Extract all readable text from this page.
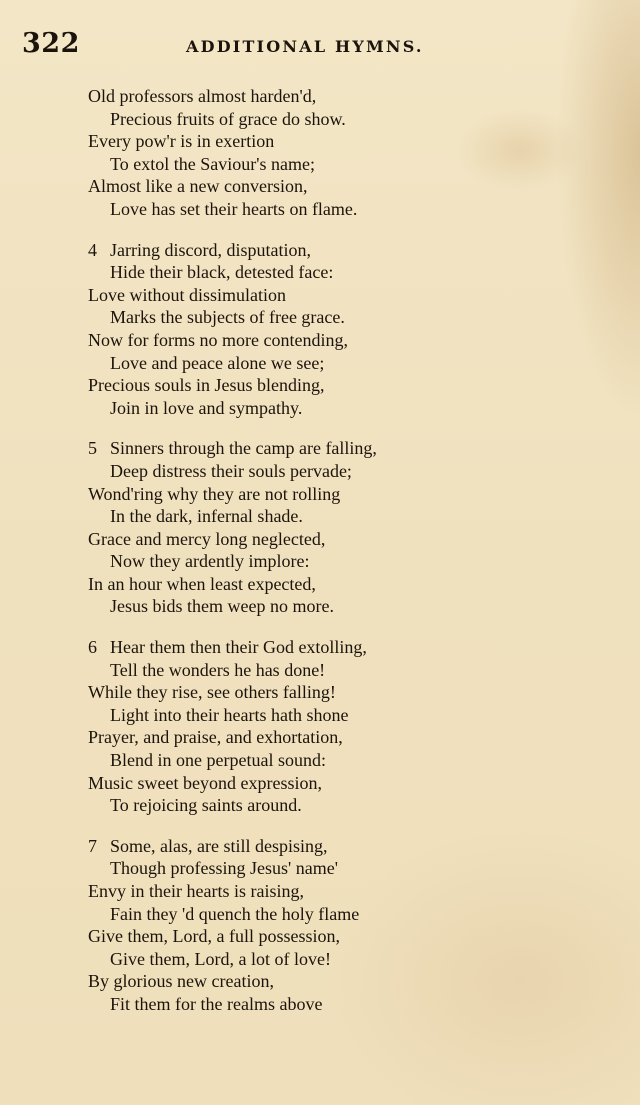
322	ADDITIONAL HYMNS.
Old professors almost harden'd,
Precious fruits of grace do show.
Every pow'r is in exertion
To extol the Saviour's name;
Almost like a new conversion,
Love has set their hearts on flame.
4 Jarring discord, disputation,
Hide their black, detested face:
Love without dissimulation
Marks the subjects of free grace.
Now for forms no more contending,
Love and peace alone we see;
Precious souls in Jesus blending,
Join in love and sympathy.
5 Sinners through the camp are falling,
Deep distress their souls pervade;
Wond'ring why they are not rolling
In the dark, infernal shade.
Grace and mercy long neglected,
Now they ardently implore:
In an hour when least expected,
Jesus bids them weep no more.
6 Hear them then their God extolling,
Tell the wonders he has done!
While they rise, see others falling!
Light into their hearts hath shone
Prayer, and praise, and exhortation,
Blend in one perpetual sound:
Music sweet beyond expression,
To rejoicing saints around.
7 Some, alas, are still despising,
Though professing Jesus' name'
Envy in their hearts is raising,
Fain they 'd quench the holy flame
Give them, Lord, a full possession,
Give them, Lord, a lot of love!
By glorious new creation,
Fit them for the realms above
